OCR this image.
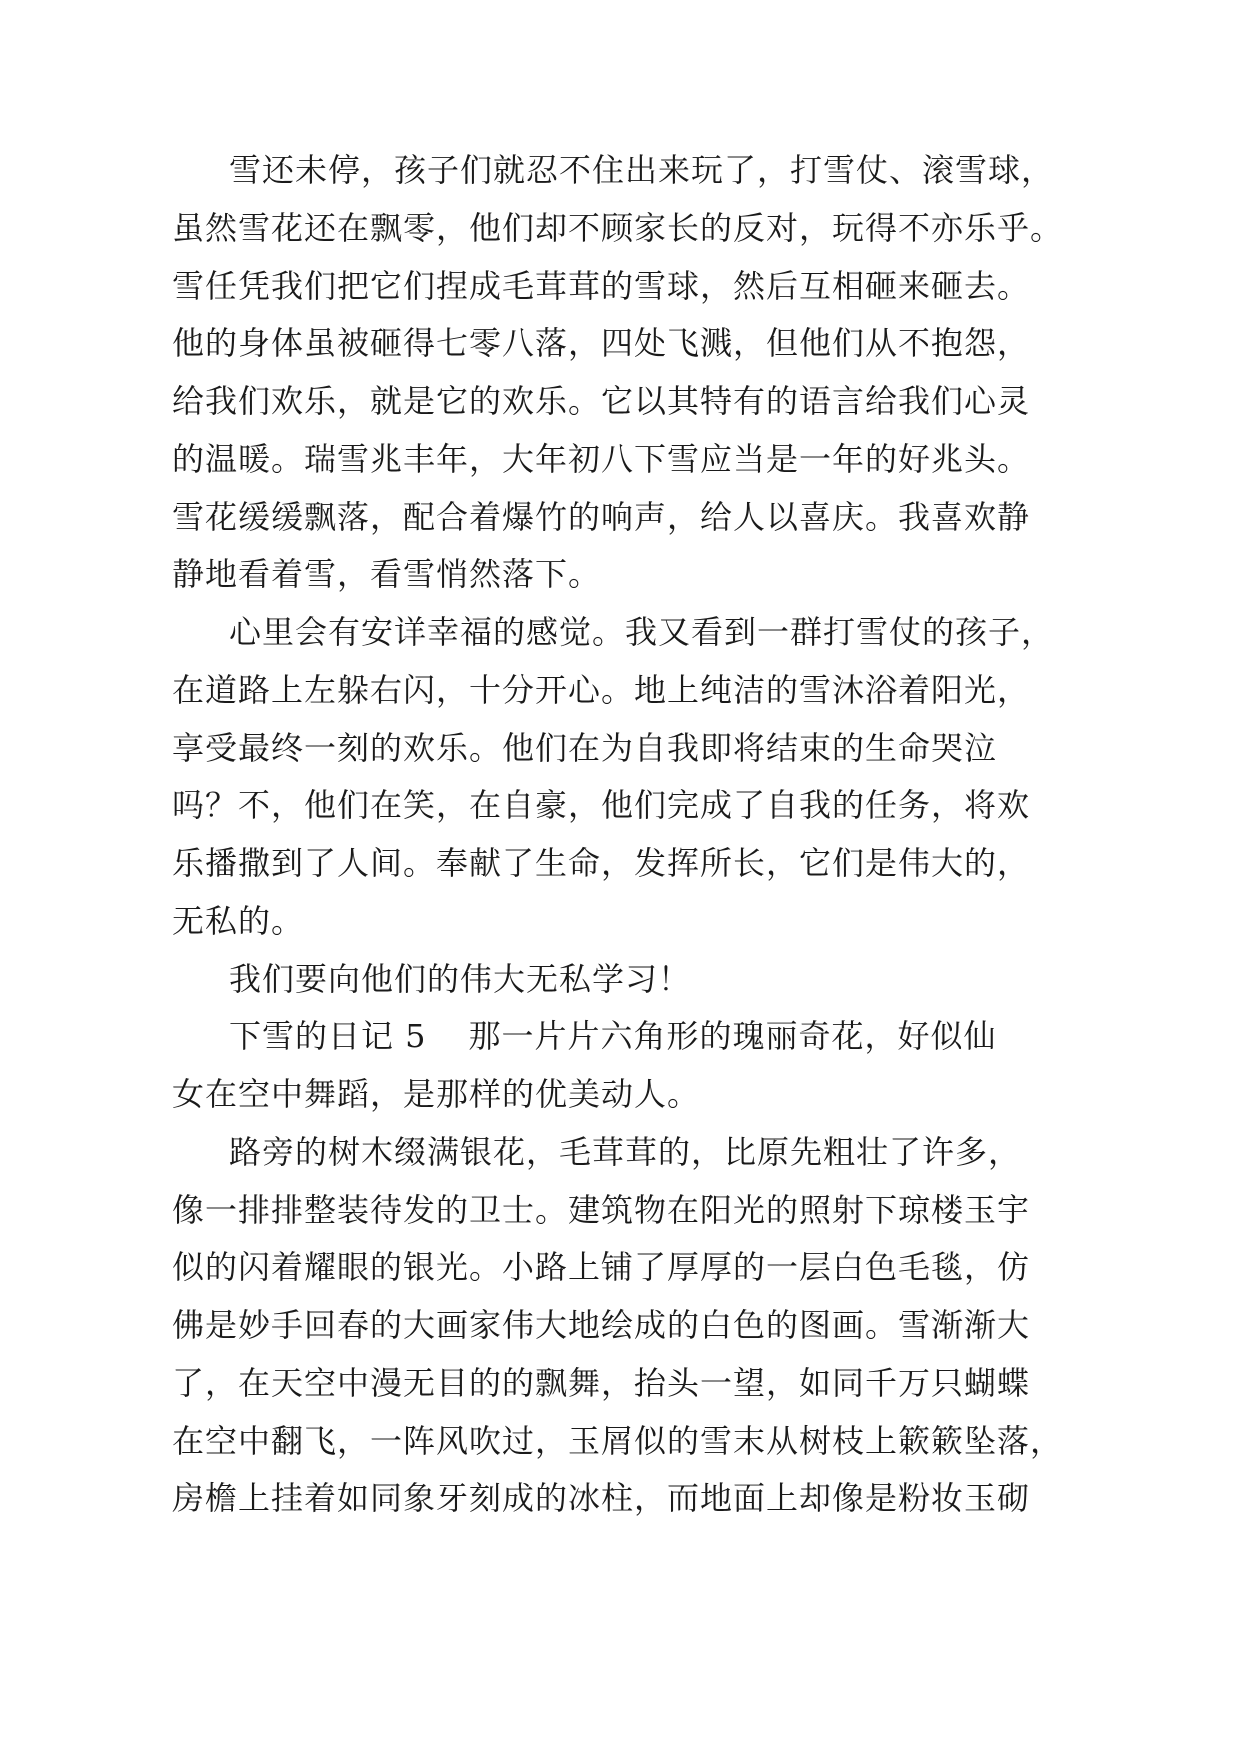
雪还未停，孩子们就忍不住出来玩了，打雪仗、滚雪球，

虽然雪花还在飘零，他们却不顾家长的反对，玩得不亦乐乎。

雪任凭我们把它们捏成毛茸茸的雪球，然后互相砸来砸去。

他的身体虽被砸得七零八落，四处飞溅，但他们从不抱怨，

给我们欢乐，就是它的欢乐。它以其特有的语言给我们心灵

的温暖。瑞雪兆丰年，大年初八下雪应当是一年的好兆头。

雪花缓缓飘落，配合着爆竹的响声，给人以喜庆。我喜欢静

静地看着雪，看雪悄然落下。

心里会有安详幸福的感觉。我又看到一群打雪仗的孩子，

在道路上左躲右闪，十分开心。地上纯洁的雪沐浴着阳光，

享受最终一刻的欢乐。他们在为自我即将结束的生命哭泣

吗？不，他们在笑，在自豪，他们完成了自我的任务，将欢

乐播撒到了人间。奉献了生命，发挥所长，它们是伟大的，

无私的。

我们要向他们的伟大无私学习！

下雪的日记 5 那一片片六角形的瑰丽奇花，好似仙

女在空中舞蹈，是那样的优美动人。

路旁的树木缀满银花，毛茸茸的，比原先粗壮了许多，

像一排排整装待发的卫士。建筑物在阳光的照射下琼楼玉宇

似的闪着耀眼的银光。小路上铺了厚厚的一层白色毛毯，仿

佛是妙手回春的大画家伟大地绘成的白色的图画。雪渐渐大

了，在天空中漫无目的的飘舞，抬头一望，如同千万只蝴蝶

在空中翻飞，一阵风吹过，玉屑似的雪末从树枝上簌簌坠落，

房檐上挂着如同象牙刻成的冰柱，而地面上却像是粉妆玉砌
